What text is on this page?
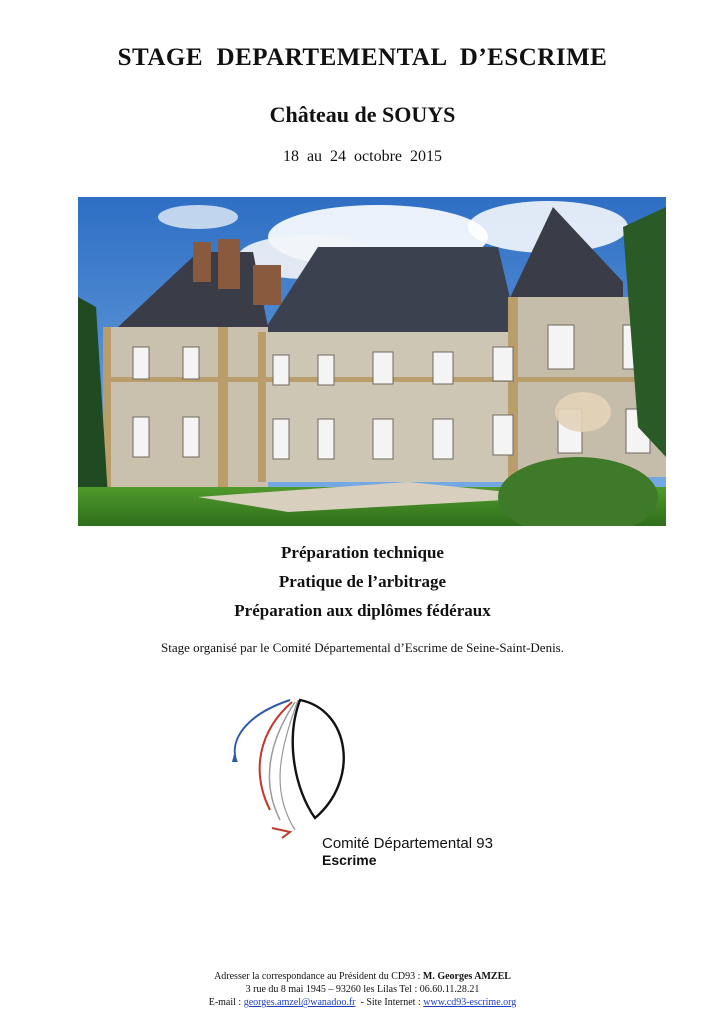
STAGE  DEPARTEMENTAL  D’ESCRIME
Château de SOUYS
18  au  24  octobre  2015
Préparation technique
Pratique de l’arbitrage
Préparation aux diplômes fédéraux
Stage organisé par le Comité Départemental d’Escrime de Seine-Saint-Denis.
Comité Départemental 93
Escrime
Adresser la correspondance au Président du CD93 : M. Georges AMZEL
3 rue du 8 mai 1945 – 93260 les Lilas Tel : 06.60.11.28.21
E-mail : georges.amzel@wanadoo.fr  - Site Internet : www.cd93-escrime.org
